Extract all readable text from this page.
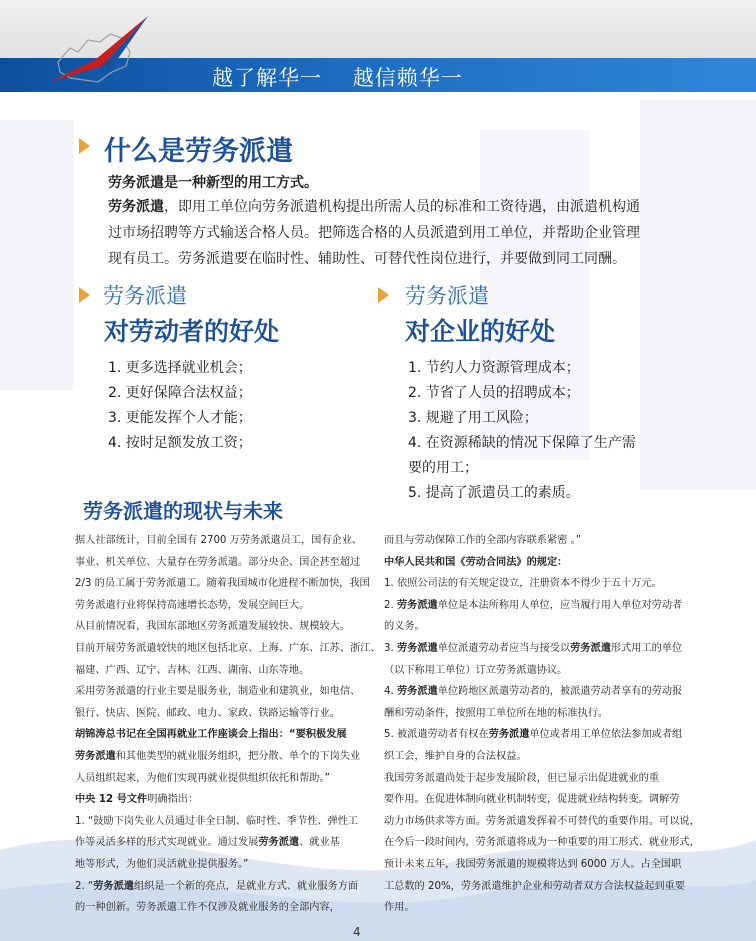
越了解华一    越信赖华一
什么是劳务派遣
劳务派遣是一种新型的用工方式。
劳务派遣，即用工单位向劳务派遣机构提出所需人员的标准和工资待遇，由派遣机构通
过市场招聘等方式输送合格人员。把筛选合格的人员派遣到用工单位，并帮助企业管理
现有员工。劳务派遣要在临时性、辅助性、可替代性岗位进行，并要做到同工同酬。
劳务派遣
对劳动者的好处
1. 更多选择就业机会；
2. 更好保障合法权益；
3. 更能发挥个人才能；
4. 按时足额发放工资；
劳务派遣
对企业的好处
1. 节约人力资源管理成本；
2. 节省了人员的招聘成本；
3. 规避了用工风险；
4. 在资源稀缺的情况下保障了生产需
要的用工；
5. 提高了派遣员工的素质。
劳务派遣的现状与未来
据人社部统计，目前全国有 2700 万劳务派遣员工，国有企业、
事业、机关单位、大量存在劳务派遣。部分央企、国企甚至超过
2/3 的员工属于劳务派遣工。随着我国城市化进程不断加快，我国
劳务派遣行业将保持高速增长态势，发展空间巨大。
从目前情况看，我国东部地区劳务派遣发展较快、规模较大。
目前开展劳务派遣较快的地区包括北京、上海、广东、江苏、浙江、
福建、广西、辽宁、吉林、江西、湖南、山东等地。
采用劳务派遣的行业主要是服务业，制造业和建筑业，如电信、
银行、快店、医院、邮政、电力、家政、铁路运输等行业。
胡锦涛总书记在全国再就业工作座谈会上指出：“要积极发展
劳务派遣和其他类型的就业服务组织，把分散、单个的下岗失业
人员组织起来，为他们实现再就业提供组织依托和帮助。”
中央 12 号文件明确指出：
1. “鼓励下岗失业人员通过非全日制、临时性、季节性、弹性工
作等灵活多样的形式实现就业。通过发展劳务派遣、就业基
地等形式，为他们灵活就业提供服务。”
2. “劳务派遣组织是一个新的亮点，是就业方式、就业服务方面
的一种创新。劳务派遣工作不仅涉及就业服务的全部内容，
而且与劳动保障工作的全部内容联系紧密 。”
中华人民共和国《劳动合同法》的规定：
1. 依照公司法的有关规定设立，注册资本不得少于五十万元。
2. 劳务派遣单位是本法所称用人单位，应当履行用人单位对劳动者
的义务。
3. 劳务派遣单位派遣劳动者应当与接受以劳务派遣形式用工的单位
（以下称用工单位）订立劳务派遣协议。
4. 劳务派遣单位跨地区派遣劳动者的，被派遣劳动者享有的劳动报
酬和劳动条件，按照用工单位所在地的标准执行。
5. 被派遣劳动者有权在劳务派遣单位或者用工单位依法参加或者组
织工会，维护自身的合法权益。
我国劳务派遣尚处于起步发展阶段，但已显示出促进就业的重
要作用。在促进体制向就业机制转变，促进就业结构转变。调解劳
动力市场供求等方面。劳务派遣发挥着不可替代的重要作用。可以说，
在今后一段时间内，劳务派遣将成为一种重要的用工形式、就业形式，
预计未来五年，我国劳务派遣的规模将达到 6000 万人。占全国职
工总数的 20%，劳务派遣维护企业和劳动者双方合法权益起到重要
作用。
4
